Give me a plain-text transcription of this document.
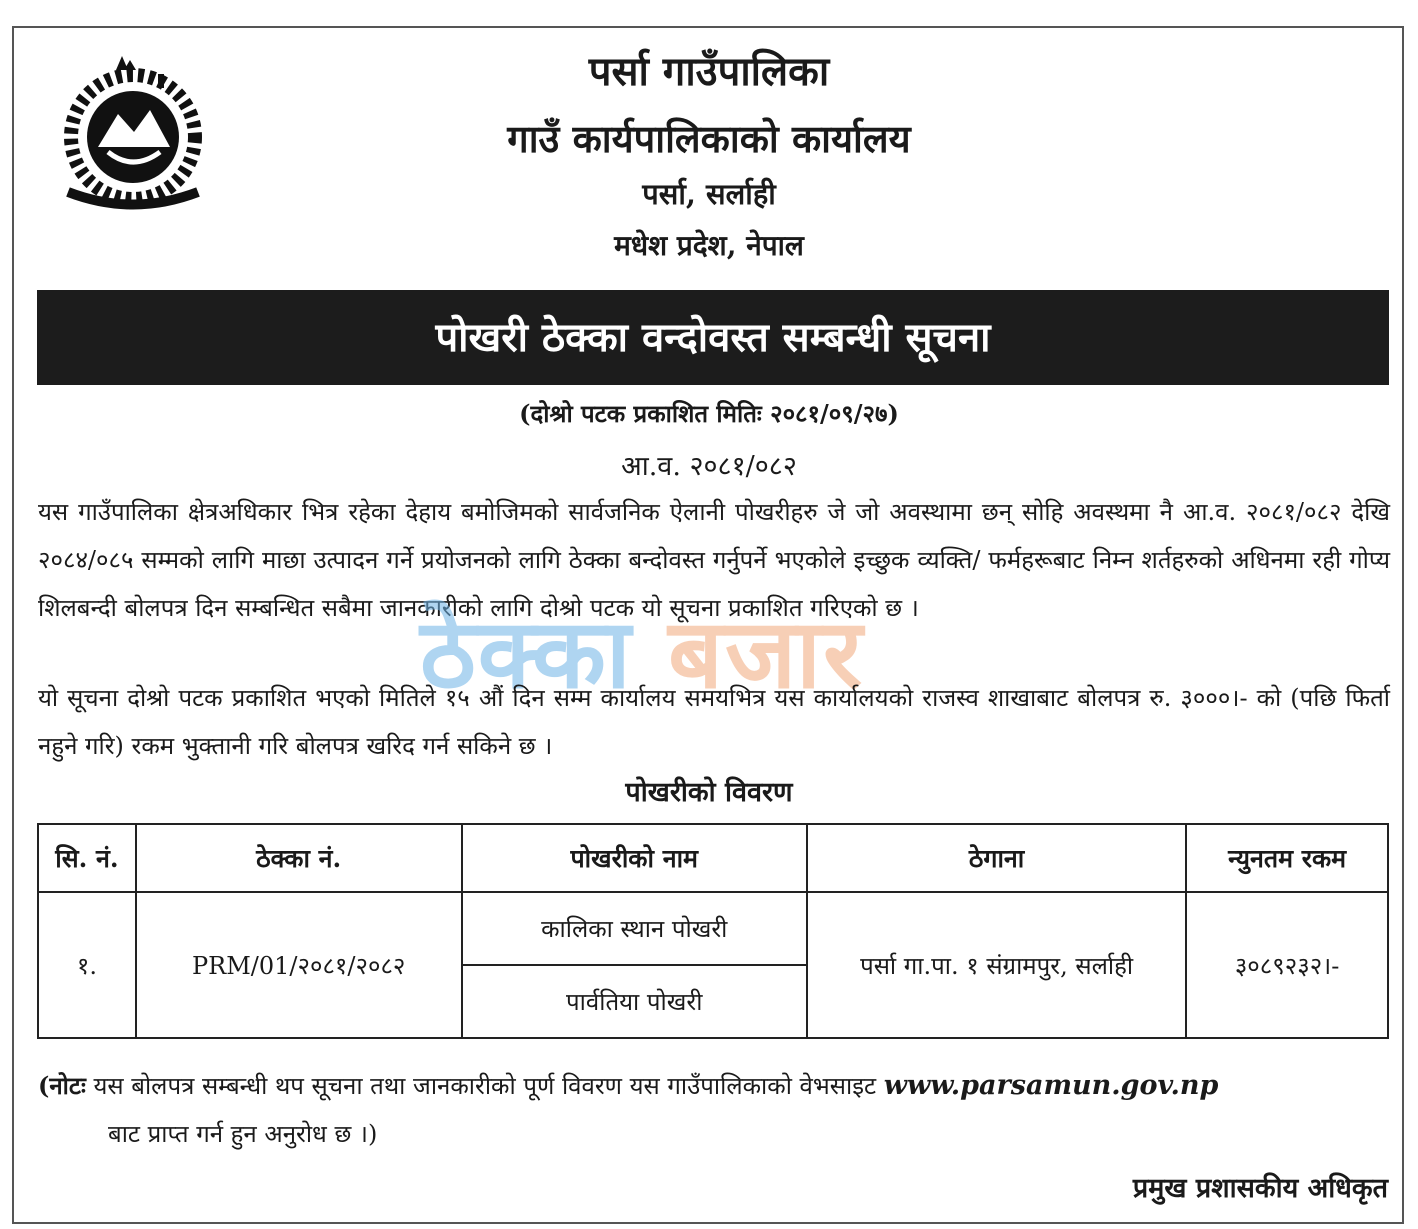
पर्सा गाउँपालिका
गाउँ कार्यपालिकाको कार्यालय
पर्सा, सर्लाही
मधेश प्रदेश, नेपाल
पोखरी ठेक्का वन्दोवस्त सम्बन्धी सूचना
(दोश्रो पटक प्रकाशित मितिः २०८१/०९/२७)
आ.व. २०८१/०८२
यस गाउँपालिका क्षेत्रअधिकार भित्र रहेका देहाय बमोजिमको सार्वजनिक ऐलानी पोखरीहरु जे जो अवस्थामा छन् सोहि अवस्थमा नै आ.व. २०८१/०८२ देखि २०८४/०८५ सम्मको लागि माछा उत्पादन गर्ने प्रयोजनको लागि ठेक्का बन्दोवस्त गर्नुपर्ने भएकोले इच्छुक व्यक्ति/ फर्महरूबाट निम्न शर्तहरुको अधिनमा रही गोप्य शिलबन्दी बोलपत्र दिन सम्बन्धित सबैमा जानकारीको लागि दोश्रो पटक यो सूचना प्रकाशित गरिएको छ ।
ठेक्का बजार
यो सूचना दोश्रो पटक प्रकाशित भएको मितिले १५ औं दिन सम्म कार्यालय समयभित्र यस कार्यालयको राजस्व शाखाबाट बोलपत्र रु. ३०००।- को (पछि फिर्ता नहुने गरि) रकम भुक्तानी गरि बोलपत्र खरिद गर्न सकिने छ ।
पोखरीको विवरण
सि. नं.	ठेक्का नं.	पोखरीको नाम	ठेगाना	न्युनतम रकम
१.	PRM/01/२०८१/२०८२	कालिका स्थान पोखरी	पर्सा गा.पा. १ संग्रामपुर, सर्लाही	३०८९२३२।-
		पार्वतिया पोखरी		
(नोटः यस बोलपत्र सम्बन्धी थप सूचना तथा जानकारीको पूर्ण विवरण यस गाउँपालिकाको वेभसाइट www.parsamun.gov.np
बाट प्राप्त गर्न हुन अनुरोध छ ।)
प्रमुख प्रशासकीय अधिकृत
